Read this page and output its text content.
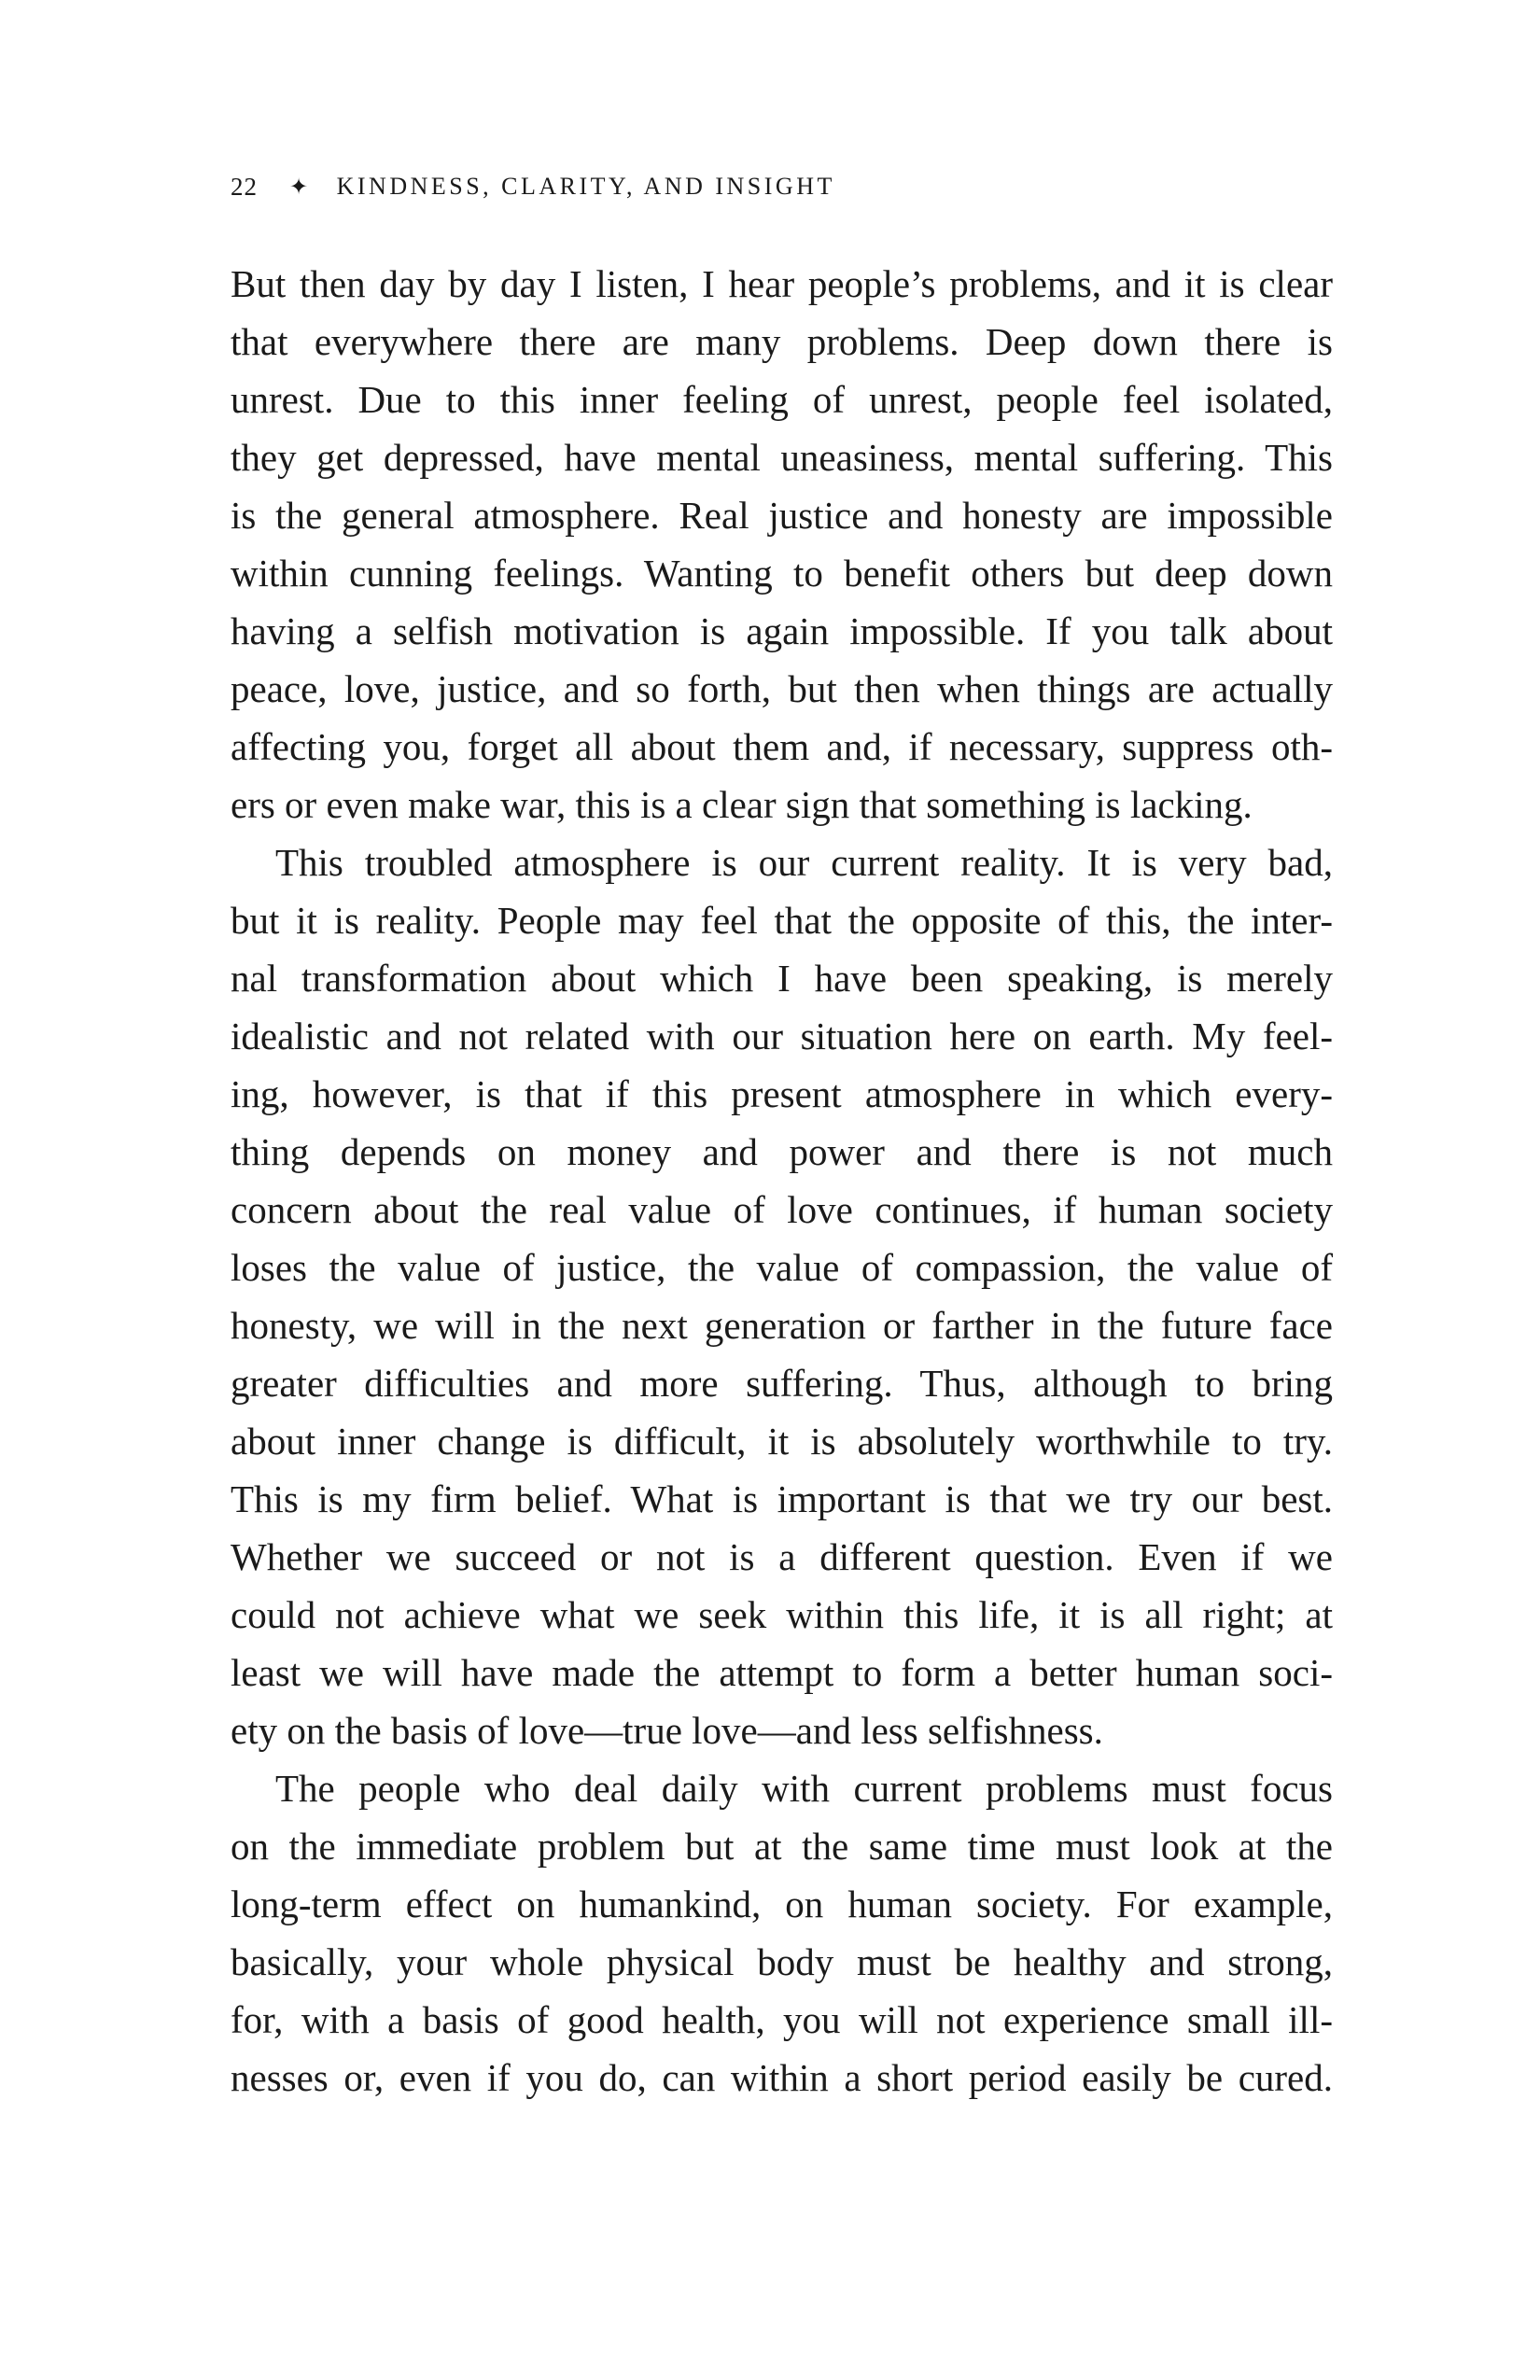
22 ✦ KINDNESS, CLARITY, AND INSIGHT
But then day by day I listen, I hear people’s problems, and it is clear
that everywhere there are many problems. Deep down there is
unrest. Due to this inner feeling of unrest, people feel isolated,
they get depressed, have mental uneasiness, mental suffering. This
is the general atmosphere. Real justice and honesty are impossible
within cunning feelings. Wanting to benefit others but deep down
having a selfish motivation is again impossible. If you talk about
peace, love, justice, and so forth, but then when things are actually
affecting you, forget all about them and, if necessary, suppress oth-
ers or even make war, this is a clear sign that something is lacking.
This troubled atmosphere is our current reality. It is very bad,
but it is reality. People may feel that the opposite of this, the inter-
nal transformation about which I have been speaking, is merely
idealistic and not related with our situation here on earth. My feel-
ing, however, is that if this present atmosphere in which every-
thing depends on money and power and there is not much
concern about the real value of love continues, if human society
loses the value of justice, the value of compassion, the value of
honesty, we will in the next generation or farther in the future face
greater difficulties and more suffering. Thus, although to bring
about inner change is difficult, it is absolutely worthwhile to try.
This is my firm belief. What is important is that we try our best.
Whether we succeed or not is a different question. Even if we
could not achieve what we seek within this life, it is all right; at
least we will have made the attempt to form a better human soci-
ety on the basis of love—true love—and less selfishness.
The people who deal daily with current problems must focus
on the immediate problem but at the same time must look at the
long-term effect on humankind, on human society. For example,
basically, your whole physical body must be healthy and strong,
for, with a basis of good health, you will not experience small ill-
nesses or, even if you do, can within a short period easily be cured.
